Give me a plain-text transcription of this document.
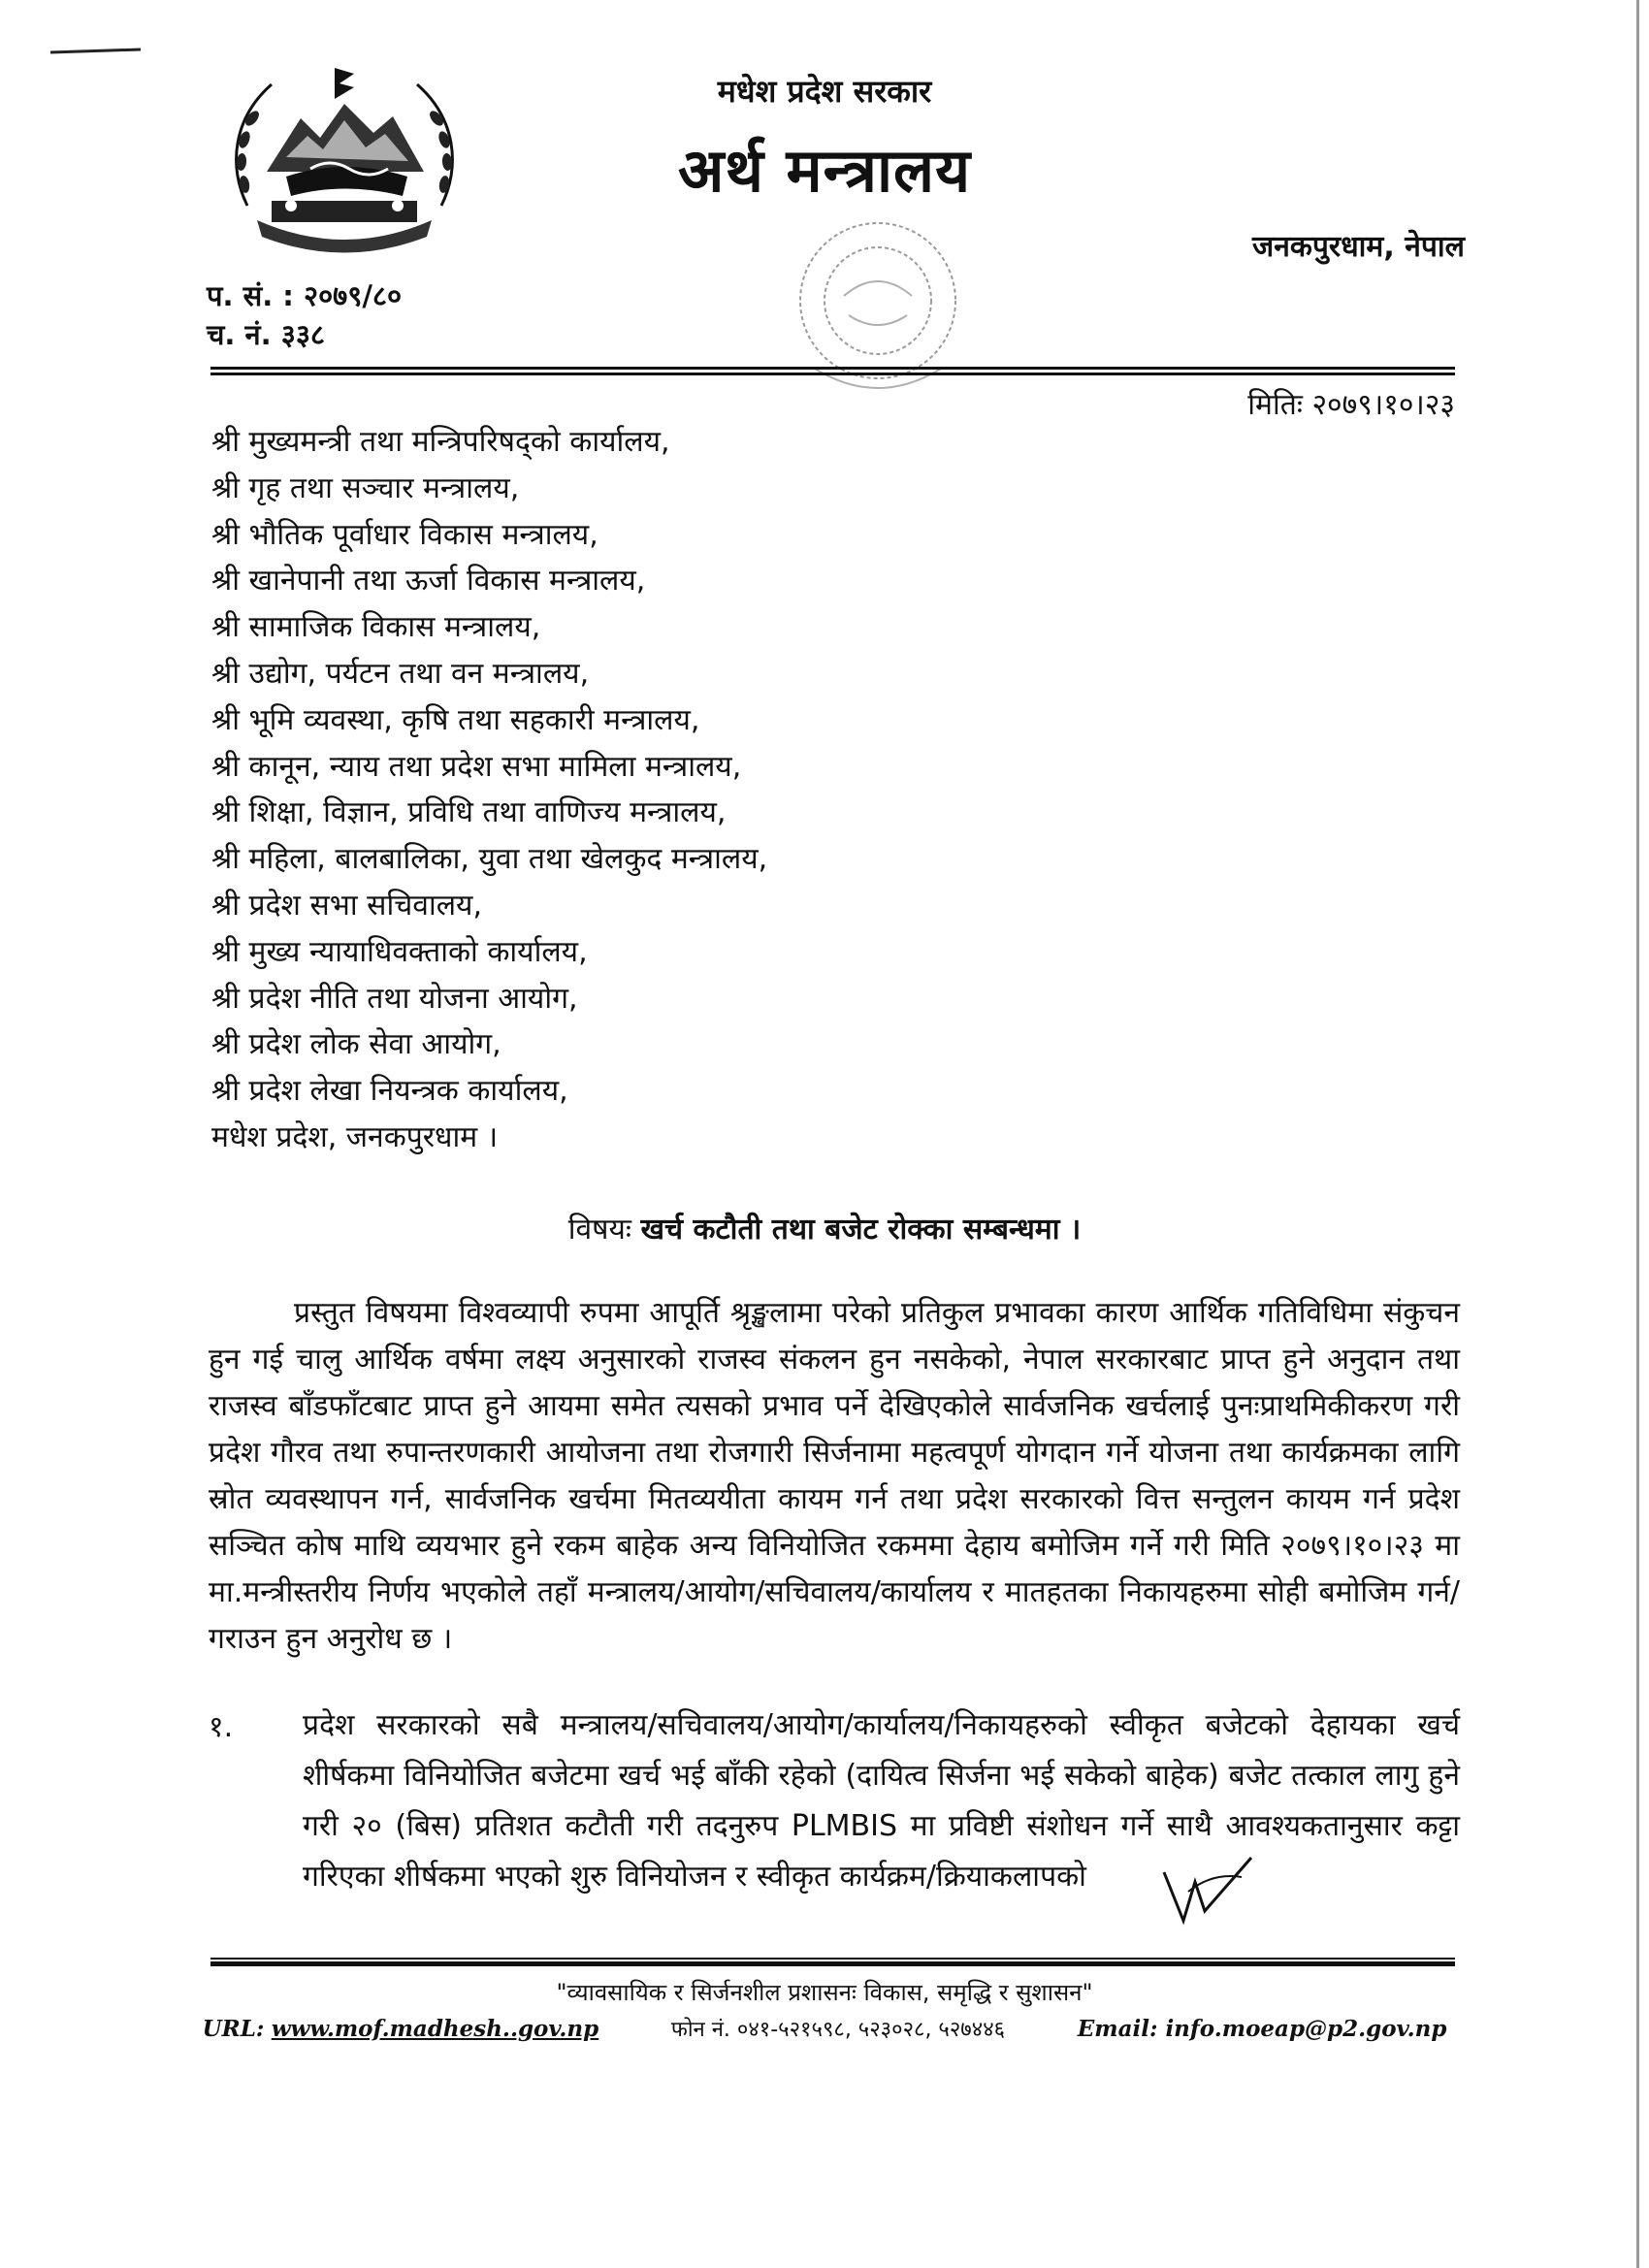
मधेश प्रदेश सरकार
अर्थ मन्त्रालय
जनकपुरधाम, नेपाल
प. सं. : २०७९/८०
च. नं. ३३८
मितिः २०७९।१०।२३
श्री मुख्यमन्त्री तथा मन्त्रिपरिषद्को कार्यालय,
श्री गृह तथा सञ्चार मन्त्रालय,
श्री भौतिक पूर्वाधार विकास मन्त्रालय,
श्री खानेपानी तथा ऊर्जा विकास मन्त्रालय,
श्री सामाजिक विकास मन्त्रालय,
श्री उद्योग, पर्यटन तथा वन मन्त्रालय,
श्री भूमि व्यवस्था, कृषि तथा सहकारी मन्त्रालय,
श्री कानून, न्याय तथा प्रदेश सभा मामिला मन्त्रालय,
श्री शिक्षा, विज्ञान, प्रविधि तथा वाणिज्य मन्त्रालय,
श्री महिला, बालबालिका, युवा तथा खेलकुद मन्त्रालय,
श्री प्रदेश सभा सचिवालय,
श्री मुख्य न्यायाधिवक्ताको कार्यालय,
श्री प्रदेश नीति तथा योजना आयोग,
श्री प्रदेश लोक सेवा आयोग,
श्री प्रदेश लेखा नियन्त्रक कार्यालय,
मधेश प्रदेश, जनकपुरधाम ।
विषयः खर्च कटौती तथा बजेट रोक्का सम्बन्धमा ।
प्रस्तुत विषयमा विश्वव्यापी रुपमा आपूर्ति श्रृङ्खलामा परेको प्रतिकुल प्रभावका कारण आर्थिक गतिविधिमा संकुचन हुन गई चालु आर्थिक वर्षमा लक्ष्य अनुसारको राजस्व संकलन हुन नसकेको, नेपाल सरकारबाट प्राप्त हुने अनुदान तथा राजस्व बाँडफाँटबाट प्राप्त हुने आयमा समेत त्यसको प्रभाव पर्ने देखिएकोले सार्वजनिक खर्चलाई पुनःप्राथमिकीकरण गरी प्रदेश गौरव तथा रुपान्तरणकारी आयोजना तथा रोजगारी सिर्जनामा महत्वपूर्ण योगदान गर्ने योजना तथा कार्यक्रमका लागि स्रोत व्यवस्थापन गर्न, सार्वजनिक खर्चमा मितव्ययीता कायम गर्न तथा प्रदेश सरकारको वित्त सन्तुलन कायम गर्न प्रदेश सञ्चित कोष माथि व्ययभार हुने रकम बाहेक अन्य विनियोजित रकममा देहाय बमोजिम गर्ने गरी मिति २०७९।१०।२३ मा मा.मन्त्रीस्तरीय निर्णय भएकोले तहाँ मन्त्रालय/आयोग/सचिवालय/कार्यालय र मातहतका निकायहरुमा सोही बमोजिम गर्न/गराउन हुन अनुरोध छ ।
१. प्रदेश सरकारको सबै मन्त्रालय/सचिवालय/आयोग/कार्यालय/निकायहरुको स्वीकृत बजेटको देहायका खर्च शीर्षकमा विनियोजित बजेटमा खर्च भई बाँकी रहेको (दायित्व सिर्जना भई सकेको बाहेक) बजेट तत्काल लागु हुने गरी २० (बिस) प्रतिशत कटौती गरी तदनुरुप PLMBIS मा प्रविष्टी संशोधन गर्ने साथै आवश्यकतानुसार कट्टा गरिएका शीर्षकमा भएको शुरु विनियोजन र स्वीकृत कार्यक्रम/क्रियाकलापको
"व्यावसायिक र सिर्जनशील प्रशासनः विकास, समृद्धि र सुशासन"
URL: www.mof.madhesh..gov.np	फोन नं. ०४१-५२१५९८, ५२३०२८, ५२७४४६	Email: info.moeap@p2.gov.np
